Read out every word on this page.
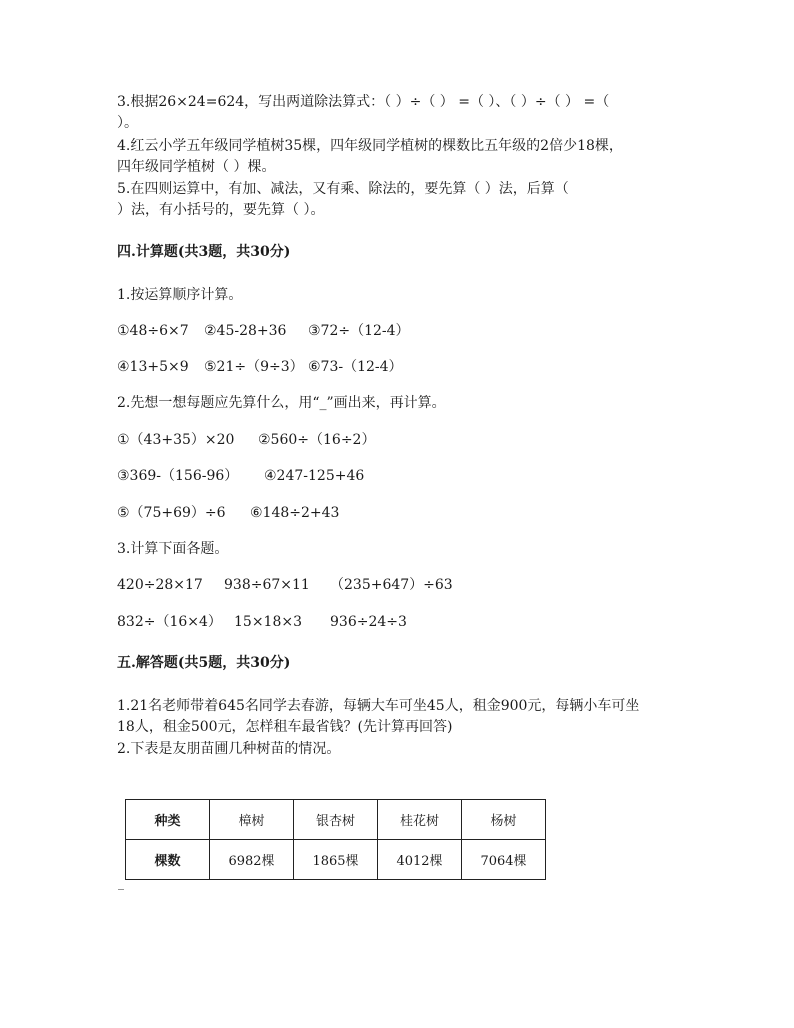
3.根据26×24=624，写出两道除法算式：（ ）÷（ ） =（ ）、（ ）÷（ ） =（
）。
4.红云小学五年级同学植树35棵，四年级同学植树的棵数比五年级的2倍少18棵，
四年级同学植树（ ）棵。
5.在四则运算中，有加、减法，又有乘、除法的，要先算（ ）法，后算（
）法，有小括号的，要先算（ ）。
四.计算题(共3题，共30分)
1.按运算顺序计算。
①48÷6×7 ②45-28+36 ③72÷（12-4）
④13+5×9 ⑤21÷（9÷3） ⑥73-（12-4）
2.先想一想每题应先算什么，用“_”画出来，再计算。
①（43+35）×20 ②560÷（16÷2）
③369-（156-96） ④247-125+46
⑤（75+69）÷6 ⑥148÷2+43
3.计算下面各题。
420÷28×17 938÷67×11 （235+647）÷63
832÷（16×4） 15×18×3 936÷24÷3
五.解答题(共5题，共30分)
1.21名老师带着645名同学去春游，每辆大车可坐45人，租金900元，每辆小车可坐
18人，租金500元，怎样租车最省钱？(先计算再回答)
2.下表是友朋苗圃几种树苗的情况。
种类	樟树	银杏树	桂花树	杨树
棵数	6982棵	1865棵	4012棵	7064棵
_
